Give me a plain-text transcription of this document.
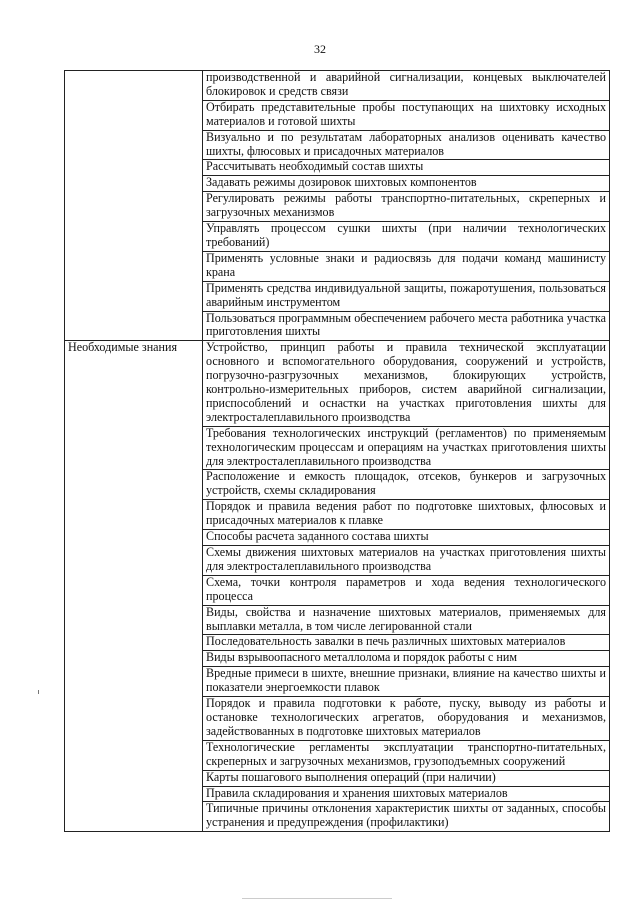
32
	производственной и аварийной сигнализации, концевых выключателей блокировок и средств связи
	Отбирать представительные пробы поступающих на шихтовку исходных материалов и готовой шихты
	Визуально и по результатам лабораторных анализов оценивать качество шихты, флюсовых и присадочных материалов
	Рассчитывать необходимый состав шихты
	Задавать режимы дозировок шихтовых компонентов
	Регулировать режимы работы транспортно-питательных, скреперных и загрузочных механизмов
	Управлять процессом сушки шихты (при наличии технологических требований)
	Применять условные знаки и радиосвязь для подачи команд машинисту крана
	Применять средства индивидуальной защиты, пожаротушения, пользоваться аварийным инструментом
	Пользоваться программным обеспечением рабочего места работника участка приготовления шихты
Необходимые знания	Устройство, принцип работы и правила технической эксплуатации основного и вспомогательного оборудования, сооружений и устройств, погрузочно-разгрузочных механизмов, блокирующих устройств, контрольно-измерительных приборов, систем аварийной сигнализации, приспособлений и оснастки на участках приготовления шихты для электросталеплавильного производства
	Требования технологических инструкций (регламентов) по применяемым технологическим процессам и операциям на участках приготовления шихты для электросталеплавильного производства
	Расположение и емкость площадок, отсеков, бункеров и загрузочных устройств, схемы складирования
	Порядок и правила ведения работ по подготовке шихтовых, флюсовых и присадочных материалов к плавке
	Способы расчета заданного состава шихты
	Схемы движения шихтовых материалов на участках приготовления шихты для электросталеплавильного производства
	Схема, точки контроля параметров и хода ведения технологического процесса
	Виды, свойства и назначение шихтовых материалов, применяемых для выплавки металла, в том числе легированной стали
	Последовательность завалки в печь различных шихтовых материалов
	Виды взрывоопасного металлолома и порядок работы с ним
	Вредные примеси в шихте, внешние признаки, влияние на качество шихты и показатели энергоемкости плавок
	Порядок и правила подготовки к работе, пуску, выводу из работы и остановке технологических агрегатов, оборудования и механизмов, задействованных в подготовке шихтовых материалов
	Технологические регламенты эксплуатации транспортно-питательных, скреперных и загрузочных механизмов, грузоподъемных сооружений
	Карты пошагового выполнения операций (при наличии)
	Правила складирования и хранения шихтовых материалов
	Типичные причины отклонения характеристик шихты от заданных, способы устранения и предупреждения (профилактики)
